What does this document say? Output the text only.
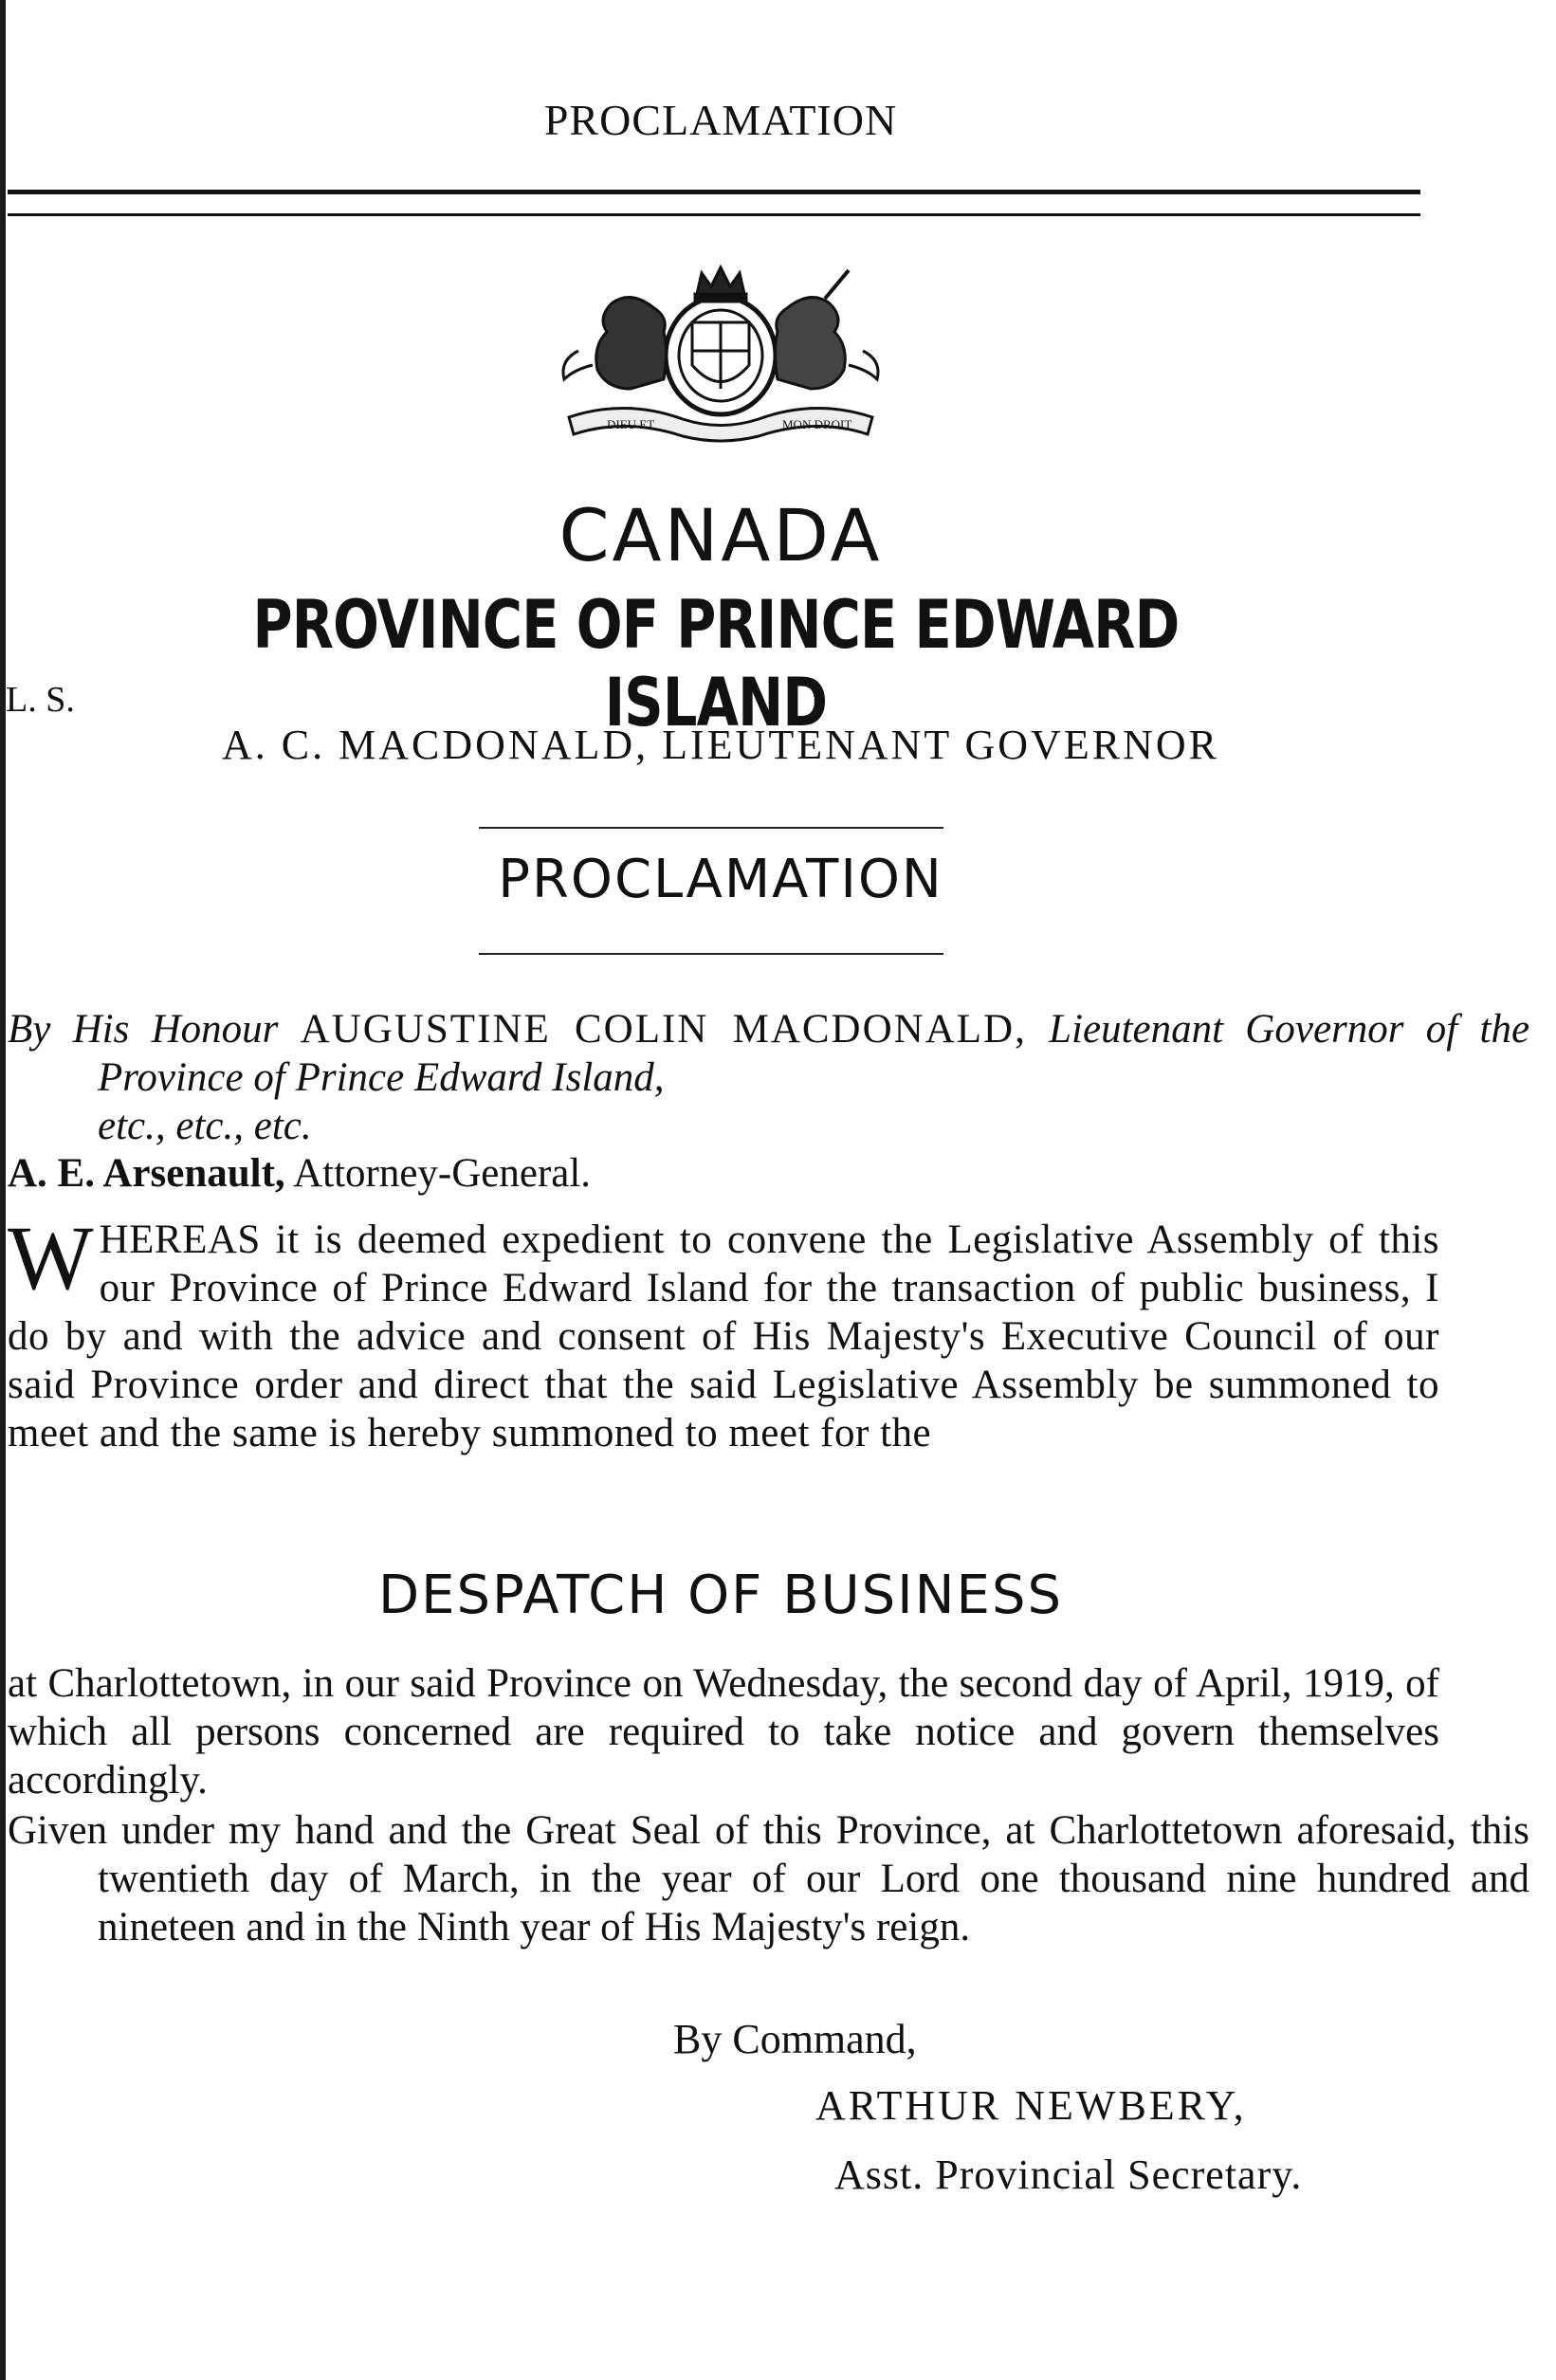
PROCLAMATION
DIEU ET	MON DROIT
CANADA
PROVINCE OF PRINCE EDWARD ISLAND
L. S.
A. C. MACDONALD, LIEUTENANT GOVERNOR
PROCLAMATION
By His Honour AUGUSTINE COLIN MACDONALD, Lieutenant Governor of the Province of Prince Edward Island,
etc., etc., etc.
A. E. Arsenault, Attorney-General.
WHEREAS it is deemed expedient to convene the Legislative Assembly of this our Province of Prince Edward Island for the transaction of public business, I do by and with the advice and consent of His Majesty's Executive Council of our said Province order and direct that the said Legislative Assembly be summoned to meet and the same is hereby summoned to meet for the
DESPATCH OF BUSINESS
at Charlottetown, in our said Province on Wednesday, the second day of April, 1919, of which all persons concerned are required to take notice and govern themselves accordingly.
Given under my hand and the Great Seal of this Province, at Charlottetown aforesaid, this twentieth day of March, in the year of our Lord one thousand nine hundred and nineteen and in the Ninth year of His Majesty's reign.
By Command,
ARTHUR NEWBERY,
Asst. Provincial Secretary.
